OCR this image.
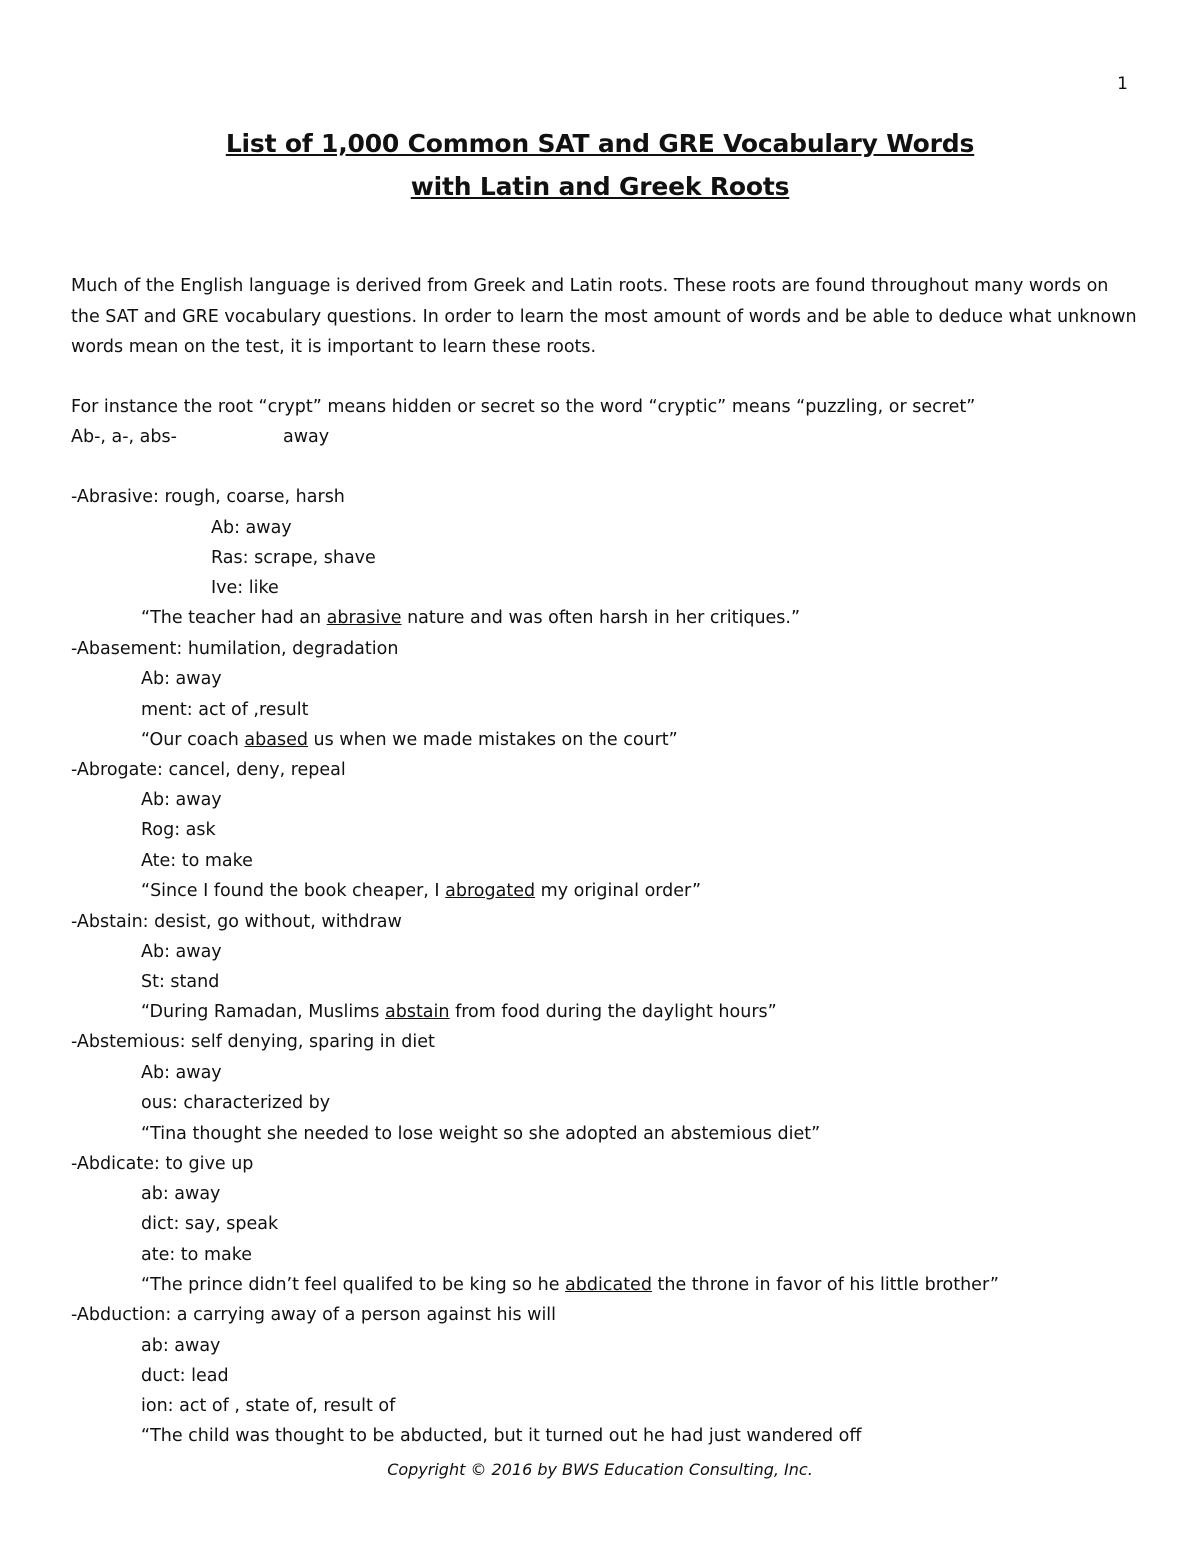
1
List of 1,000 Common SAT and GRE Vocabulary Words
with Latin and Greek Roots

Much of the English language is derived from Greek and Latin roots. These roots are found throughout many words on the SAT and GRE vocabulary questions. In order to learn the most amount of words and be able to deduce what unknown words mean on the test, it is important to learn these roots.

For instance the root “crypt” means hidden or secret so the word “cryptic” means “puzzling, or secret”
Ab-, a-, abs-	away
-Abrasive: rough, coarse, harsh
Ab: away
Ras: scrape, shave
Ive: like
“The teacher had an abrasive nature and was often harsh in her critiques.”
-Abasement: humilation, degradation
Ab: away
ment: act of ,result
“Our coach abased us when we made mistakes on the court”
-Abrogate: cancel, deny, repeal
Ab: away
Rog: ask
Ate: to make
“Since I found the book cheaper, I abrogated my original order”
-Abstain: desist, go without, withdraw
Ab: away
St: stand
“During Ramadan, Muslims abstain from food during the daylight hours”
-Abstemious: self denying, sparing in diet
Ab: away
ous: characterized by
“Tina thought she needed to lose weight so she adopted an abstemious diet”
-Abdicate: to give up
ab: away
dict: say, speak
ate: to make
“The prince didn’t feel qualifed to be king so he abdicated the throne in favor of his little brother”
-Abduction: a carrying away of a person against his will
ab: away
duct: lead
ion: act of , state of, result of
“The child was thought to be abducted, but it turned out he had just wandered off
Copyright © 2016 by BWS Education Consulting, Inc.
